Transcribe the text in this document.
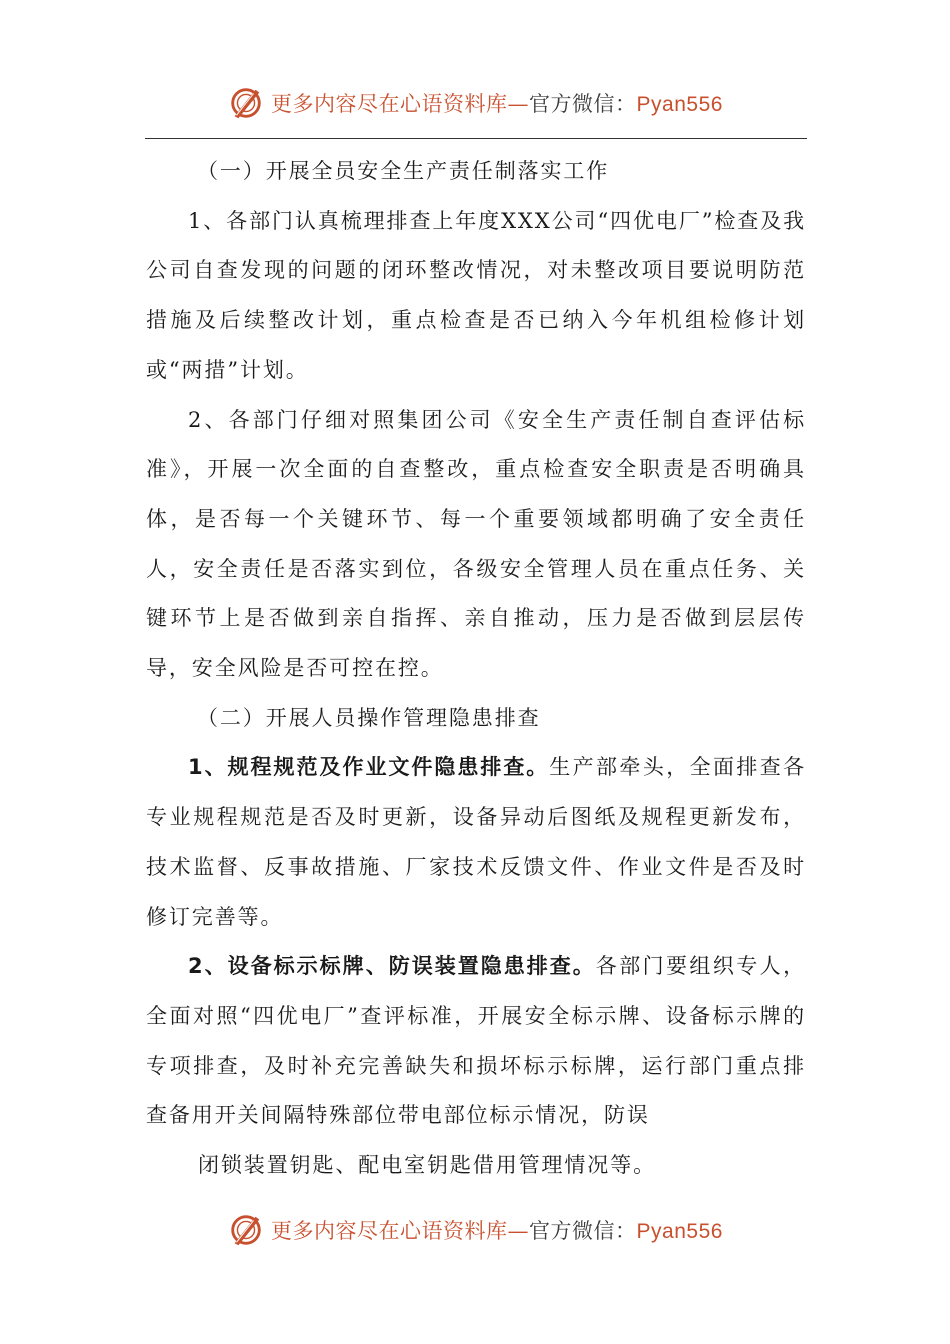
更多内容尽在心语资料库—官方微信：Pyan556

（一）开展全员安全生产责任制落实工作

1、各部门认真梳理排查上年度XXX公司“四优电厂”检查及我公司自查发现的问题的闭环整改情况，对未整改项目要说明防范措施及后续整改计划，重点检查是否已纳入今年机组检修计划或“两措”计划。

2、各部门仔细对照集团公司《安全生产责任制自查评估标准》，开展一次全面的自查整改，重点检查安全职责是否明确具体，是否每一个关键环节、每一个重要领域都明确了安全责任人，安全责任是否落实到位，各级安全管理人员在重点任务、关键环节上是否做到亲自指挥、亲自推动，压力是否做到层层传导，安全风险是否可控在控。

（二）开展人员操作管理隐患排查

1、规程规范及作业文件隐患排查。生产部牵头，全面排查各专业规程规范是否及时更新，设备异动后图纸及规程更新发布，技术监督、反事故措施、厂家技术反馈文件、作业文件是否及时修订完善等。

2、设备标示标牌、防误装置隐患排查。各部门要组织专人，全面对照“四优电厂”查评标准，开展安全标示牌、设备标示牌的专项排查，及时补充完善缺失和损坏标示标牌，运行部门重点排查备用开关间隔特殊部位带电部位标示情况，防误

闭锁装置钥匙、配电室钥匙借用管理情况等。

更多内容尽在心语资料库—官方微信：Pyan556
